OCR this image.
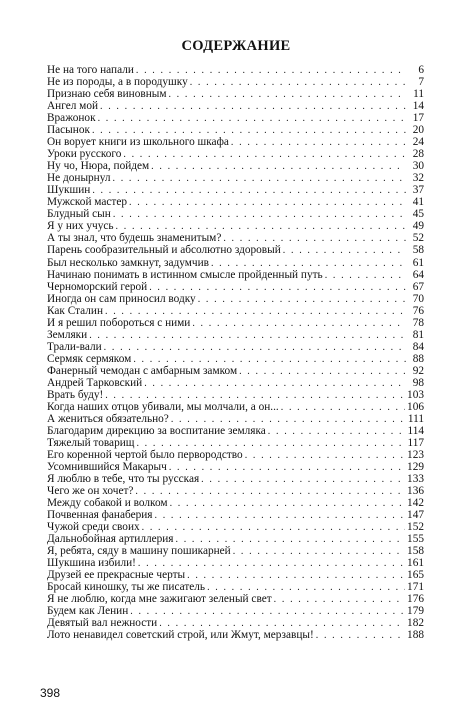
СОДЕРЖАНИЕ
Не на того напали . . .	6
Не из породы, а в породушку . . .	7
Признаю себя виновным . . .	11
Ангел мой . . .	14
Вражонок . . .	17
Пасынок . . .	20
Он ворует книги из школьного шкафа . . .	24
Уроки русского . . .	28
Ну чо, Нюра, пойдем . . .	30
Не донырнул . . .	32
Шукшин . . .	37
Мужской мастер . . .	41
Блудный сын . . .	45
Я у них учусь . . .	49
А ты знал, что будешь знаменитым? . . .	52
Парень сообразительный и абсолютно здоровый . . .	58
Был несколько замкнут, задумчив . . .	61
Начинаю понимать в истинном смысле пройденный путь . . .	64
Черноморский герой . . .	67
Иногда он сам приносил водку . . .	70
Как Сталин . . .	76
И я решил побороться с ними . . .	78
Земляки . . .	81
Трали-вали . . .	84
Сермяк сермяком . . .	88
Фанерный чемодан с амбарным замком . . .	92
Андрей Тарковский . . .	98
Врать буду! . . .	103
Когда наших отцов убивали, мы молчали, а он... . . .	106
А жениться обязательно? . . .	111
Благодарим дирекцию за воспитание земляка . . .	114
Тяжелый товарищ . . .	117
Его коренной чертой было первородство . . .	123
Усомнившийся Макарыч . . .	129
Я люблю в тебе, что ты русская . . .	133
Чего же он хочет? . . .	136
Между собакой и волком . . .	142
Почвенная фанаберия . . .	147
Чужой среди своих . . .	152
Дальнобойная артиллерия . . .	155
Я, ребята, сяду в машину пошикарней . . .	158
Шукшина избили! . . .	161
Друзей ее прекрасные черты . . .	165
Бросай киношку, ты же писатель . . .	171
Я не люблю, когда мне зажигают зеленый свет . . .	176
Будем как Ленин . . .	179
Девятый вал нежности . . .	182
Лото ненавидел советский строй, или Жмут, мерзавцы! . . .	188
398
